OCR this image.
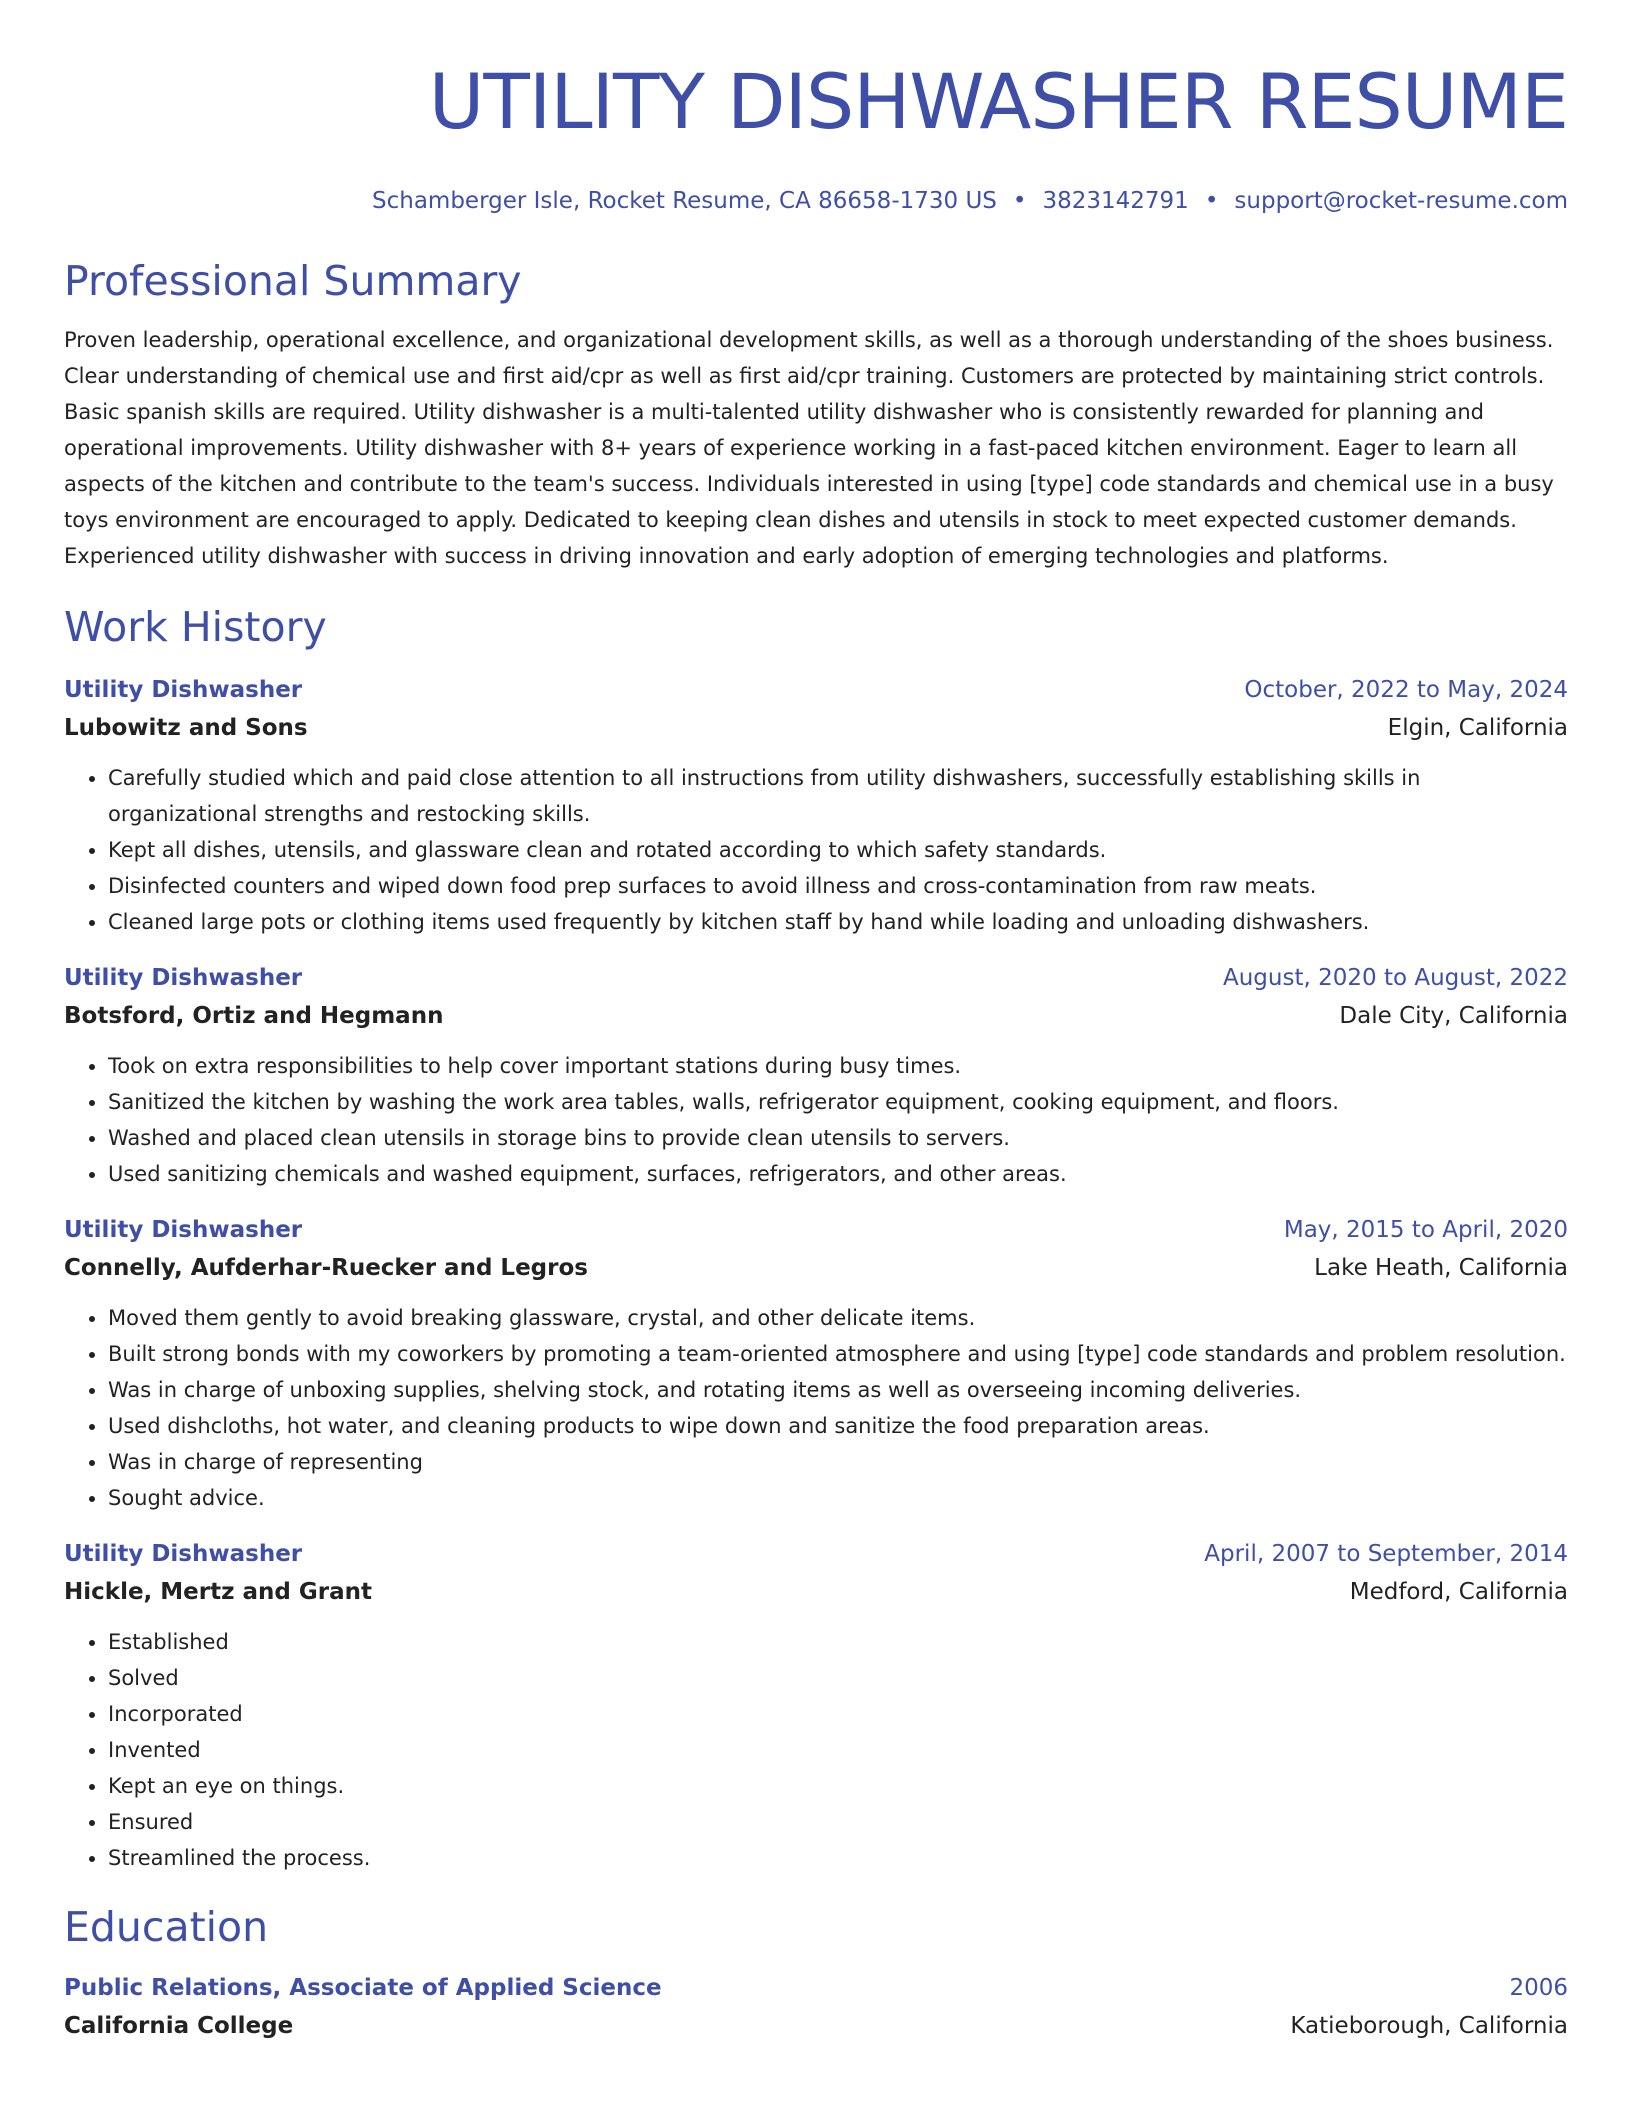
UTILITY DISHWASHER RESUME
Schamberger Isle, Rocket Resume, CA 86658-1730 US • 3823142791 • support@rocket-resume.com
Professional Summary
Proven leadership, operational excellence, and organizational development skills, as well as a thorough understanding of the shoes business. Clear understanding of chemical use and first aid/cpr as well as first aid/cpr training. Customers are protected by maintaining strict controls. Basic spanish skills are required. Utility dishwasher is a multi-talented utility dishwasher who is consistently rewarded for planning and operational improvements. Utility dishwasher with 8+ years of experience working in a fast-paced kitchen environment. Eager to learn all aspects of the kitchen and contribute to the team's success. Individuals interested in using [type] code standards and chemical use in a busy toys environment are encouraged to apply. Dedicated to keeping clean dishes and utensils in stock to meet expected customer demands. Experienced utility dishwasher with success in driving innovation and early adoption of emerging technologies and platforms.
Work History
Utility Dishwasher	October, 2022 to May, 2024
Lubowitz and Sons	Elgin, California
• Carefully studied which and paid close attention to all instructions from utility dishwashers, successfully establishing skills in organizational strengths and restocking skills.
• Kept all dishes, utensils, and glassware clean and rotated according to which safety standards.
• Disinfected counters and wiped down food prep surfaces to avoid illness and cross-contamination from raw meats.
• Cleaned large pots or clothing items used frequently by kitchen staff by hand while loading and unloading dishwashers.
Utility Dishwasher	August, 2020 to August, 2022
Botsford, Ortiz and Hegmann	Dale City, California
• Took on extra responsibilities to help cover important stations during busy times.
• Sanitized the kitchen by washing the work area tables, walls, refrigerator equipment, cooking equipment, and floors.
• Washed and placed clean utensils in storage bins to provide clean utensils to servers.
• Used sanitizing chemicals and washed equipment, surfaces, refrigerators, and other areas.
Utility Dishwasher	May, 2015 to April, 2020
Connelly, Aufderhar-Ruecker and Legros	Lake Heath, California
• Moved them gently to avoid breaking glassware, crystal, and other delicate items.
• Built strong bonds with my coworkers by promoting a team-oriented atmosphere and using [type] code standards and problem resolution.
• Was in charge of unboxing supplies, shelving stock, and rotating items as well as overseeing incoming deliveries.
• Used dishcloths, hot water, and cleaning products to wipe down and sanitize the food preparation areas.
• Was in charge of representing
• Sought advice.
Utility Dishwasher	April, 2007 to September, 2014
Hickle, Mertz and Grant	Medford, California
• Established
• Solved
• Incorporated
• Invented
• Kept an eye on things.
• Ensured
• Streamlined the process.
Education
Public Relations, Associate of Applied Science	2006
California College	Katieborough, California
